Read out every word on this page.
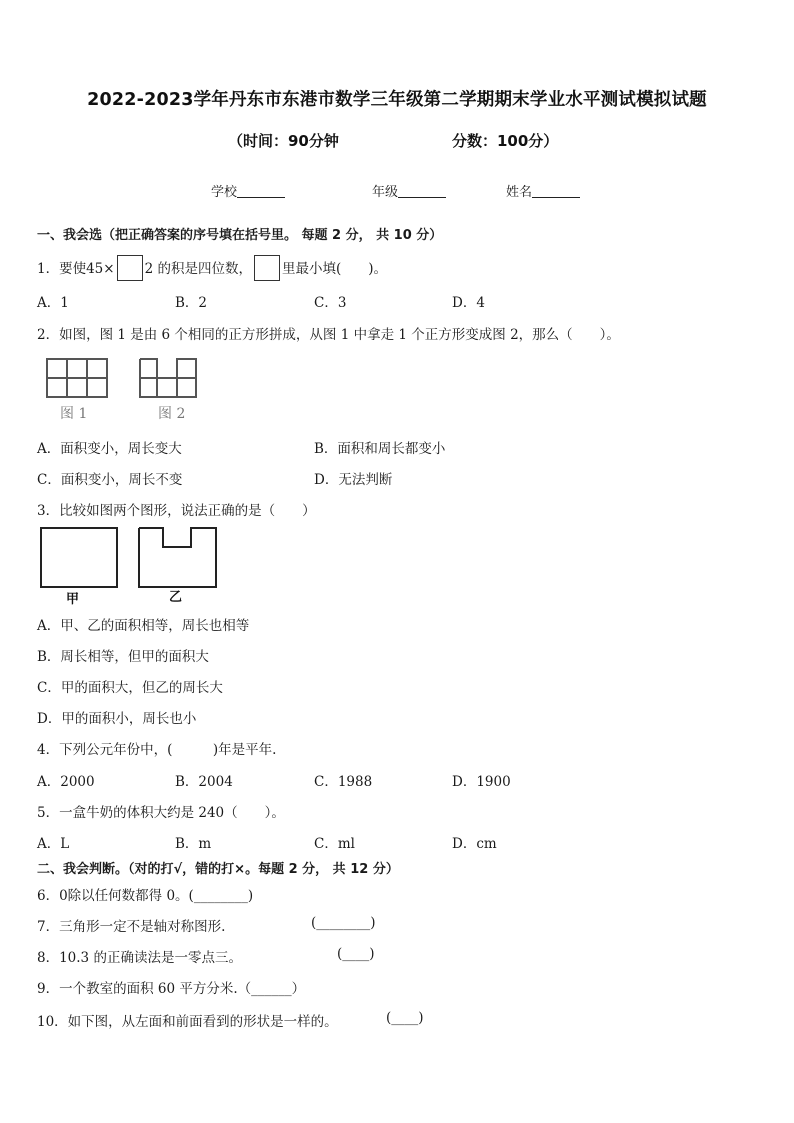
2022-2023学年丹东市东港市数学三年级第二学期期末学业水平测试模拟试题
（时间：90分钟	分数：100分）
学校	年级	姓名
一、我会选（把正确答案的序号填在括号里。 每题 2 分， 共 10 分）
1．要使45× 2 的积是四位数， 里最小填(　　)。
A．1	B．2	C．3	D．4
2．如图，图 1 是由 6 个相同的正方形拼成，从图 1 中拿走 1 个正方形变成图 2，那么（　　）。
图 1	图 2
A．面积变小，周长变大	B．面积和周长都变小
C．面积变小，周长不变	D．无法判断
3．比较如图两个图形，说法正确的是（　　）
甲	乙
A．甲、乙的面积相等，周长也相等
B．周长相等，但甲的面积大
C．甲的面积大，但乙的周长大
D．甲的面积小，周长也小
4．下列公元年份中，(　　　)年是平年.
A．2000	B．2004	C．1988	D．1900
5．一盒牛奶的体积大约是 240（　　）。
A．L	B．m	C．ml	D．cm
二、我会判断。（对的打√，错的打×。每题 2 分， 共 12 分）
6．0除以任何数都得 0。(________)
7．三角形一定不是轴对称图形.	(________)
8．10.3 的正确读法是一零点三。	(____)
9．一个教室的面积 60 平方分米.（______）
10．如下图，从左面和前面看到的形状是一样的。	(____)
